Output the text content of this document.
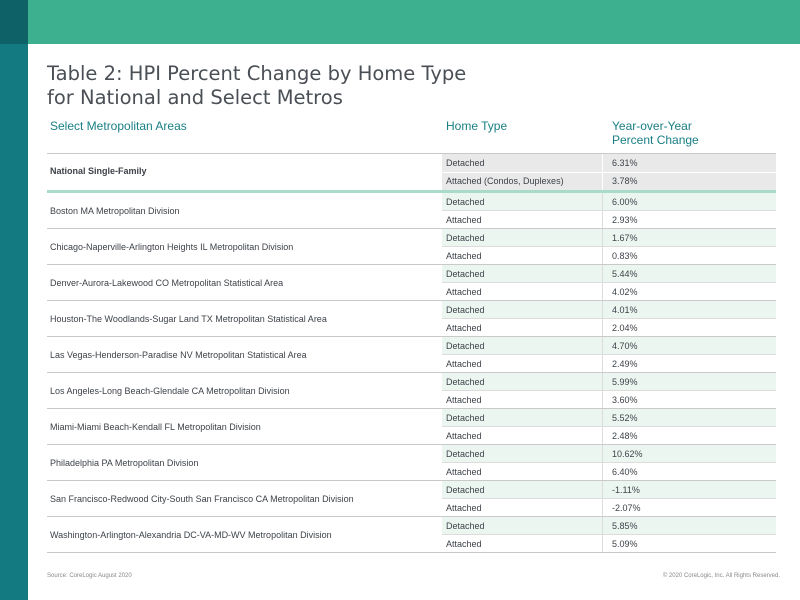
Table 2: HPI Percent Change by Home Type
for National and Select Metros
Select Metropolitan Areas	Home Type	Year-over-Year
Percent Change
National Single-Family
Detached	6.31%
Attached (Condos, Duplexes)	3.78%
Boston MA Metropolitan Division
Detached	6.00%
Attached	2.93%
Chicago-Naperville-Arlington Heights IL Metropolitan Division
Detached	1.67%
Attached	0.83%
Denver-Aurora-Lakewood CO Metropolitan Statistical Area
Detached	5.44%
Attached	4.02%
Houston-The Woodlands-Sugar Land TX Metropolitan Statistical Area
Detached	4.01%
Attached	2.04%
Las Vegas-Henderson-Paradise NV Metropolitan Statistical Area
Detached	4.70%
Attached	2.49%
Los Angeles-Long Beach-Glendale CA Metropolitan Division
Detached	5.99%
Attached	3.60%
Miami-Miami Beach-Kendall FL Metropolitan Division
Detached	5.52%
Attached	2.48%
Philadelphia PA Metropolitan Division
Detached	10.62%
Attached	6.40%
San Francisco-Redwood City-South San Francisco CA Metropolitan Division
Detached	-1.11%
Attached	-2.07%
Washington-Arlington-Alexandria DC-VA-MD-WV Metropolitan Division
Detached	5.85%
Attached	5.09%
Source: CoreLogic August 2020	© 2020 CoreLogic, Inc. All Rights Reserved.
